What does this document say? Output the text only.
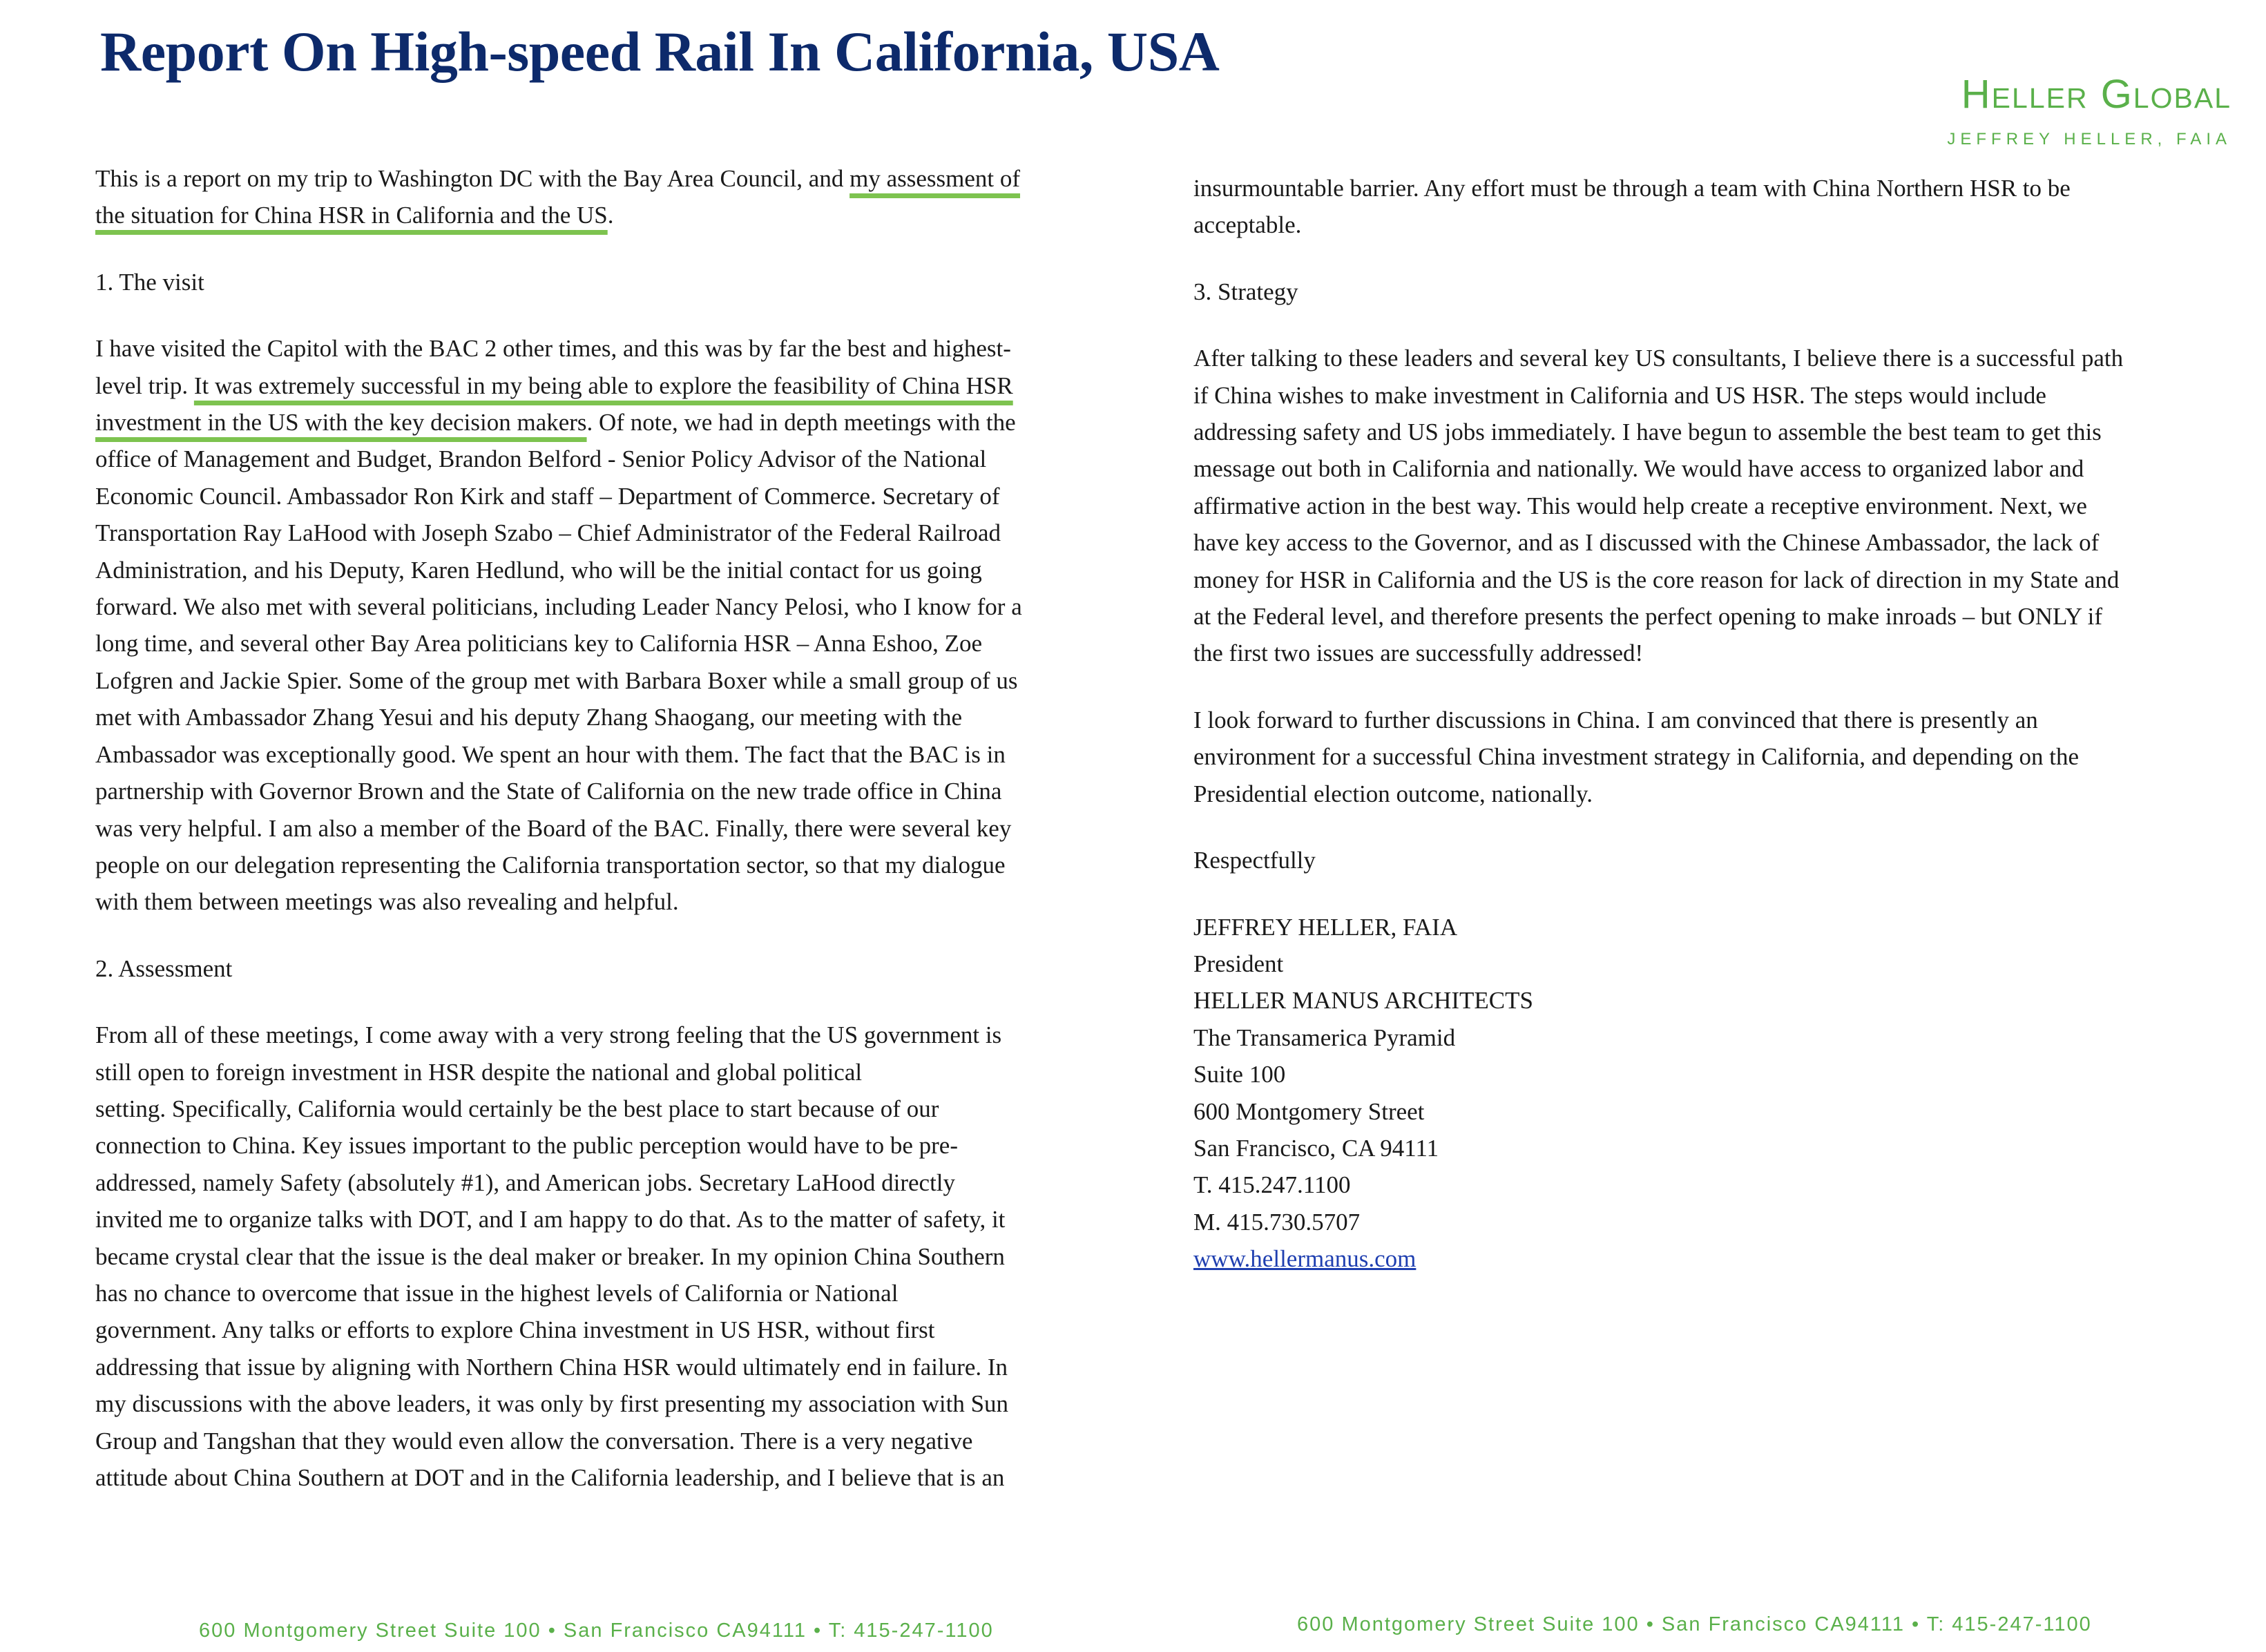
Report On High-speed Rail In California, USA
Heller Global
JEFFREY HELLER, FAIA

This is a report on my trip to Washington DC with the Bay Area Council, and my assessment of

the situation for China HSR in California and the US.

1. The visit

I have visited the Capitol with the BAC 2 other times, and this was by far the best and highest-

level trip. It was extremely successful in my being able to explore the feasibility of China HSR

investment in the US with the key decision makers. Of note, we had in depth meetings with the

office of Management and Budget, Brandon Belford - Senior Policy Advisor of the National

Economic Council. Ambassador Ron Kirk and staff – Department of Commerce. Secretary of

Transportation Ray LaHood with Joseph Szabo – Chief Administrator of the Federal Railroad

Administration, and his Deputy, Karen Hedlund, who will be the initial contact for us going

forward. We also met with several politicians, including Leader Nancy Pelosi, who I know for a

long time, and several other Bay Area politicians key to California HSR – Anna Eshoo, Zoe

Lofgren and Jackie Spier. Some of the group met with Barbara Boxer while a small group of us

met with Ambassador Zhang Yesui and his deputy Zhang Shaogang, our meeting with the

Ambassador was exceptionally good. We spent an hour with them. The fact that the BAC is in

partnership with Governor Brown and the State of California on the new trade office in China

was very helpful. I am also a member of the Board of the BAC. Finally, there were several key

people on our delegation representing the California transportation sector, so that my dialogue

with them between meetings was also revealing and helpful.

2. Assessment

From all of these meetings, I come away with a very strong feeling that the US government is

still open to foreign investment in HSR despite the national and global political

setting. Specifically, California would certainly be the best place to start because of our

connection to China. Key issues important to the public perception would have to be pre-

addressed, namely Safety (absolutely #1), and American jobs. Secretary LaHood directly

invited me to organize talks with DOT, and I am happy to do that. As to the matter of safety, it

became crystal clear that the issue is the deal maker or breaker. In my opinion China Southern

has no chance to overcome that issue in the highest levels of California or National

government. Any talks or efforts to explore China investment in US HSR, without first

addressing that issue by aligning with Northern China HSR would ultimately end in failure. In

my discussions with the above leaders, it was only by first presenting my association with Sun

Group and Tangshan that they would even allow the conversation. There is a very negative

attitude about China Southern at DOT and in the California leadership, and I believe that is an

insurmountable barrier. Any effort must be through a team with China Northern HSR to be

acceptable.

3. Strategy

After talking to these leaders and several key US consultants, I believe there is a successful path

if China wishes to make investment in California and US HSR. The steps would include

addressing safety and US jobs immediately. I have begun to assemble the best team to get this

message out both in California and nationally. We would have access to organized labor and

affirmative action in the best way. This would help create a receptive environment. Next, we

have key access to the Governor, and as I discussed with the Chinese Ambassador, the lack of

money for HSR in California and the US is the core reason for lack of direction in my State and

at the Federal level, and therefore presents the perfect opening to make inroads – but ONLY if

the first two issues are successfully addressed!

I look forward to further discussions in China. I am convinced that there is presently an

environment for a successful China investment strategy in California, and depending on the

Presidential election outcome, nationally.

Respectfully

JEFFREY HELLER, FAIA

President

HELLER MANUS ARCHITECTS

The Transamerica Pyramid

Suite 100

600 Montgomery Street

San Francisco, CA 94111

T. 415.247.1100

M. 415.730.5707

www.hellermanus.com

600 Montgomery Street Suite 100 • San Francisco CA94111 • T: 415-247-1100	600 Montgomery Street Suite 100 • San Francisco CA94111 • T: 415-247-1100
